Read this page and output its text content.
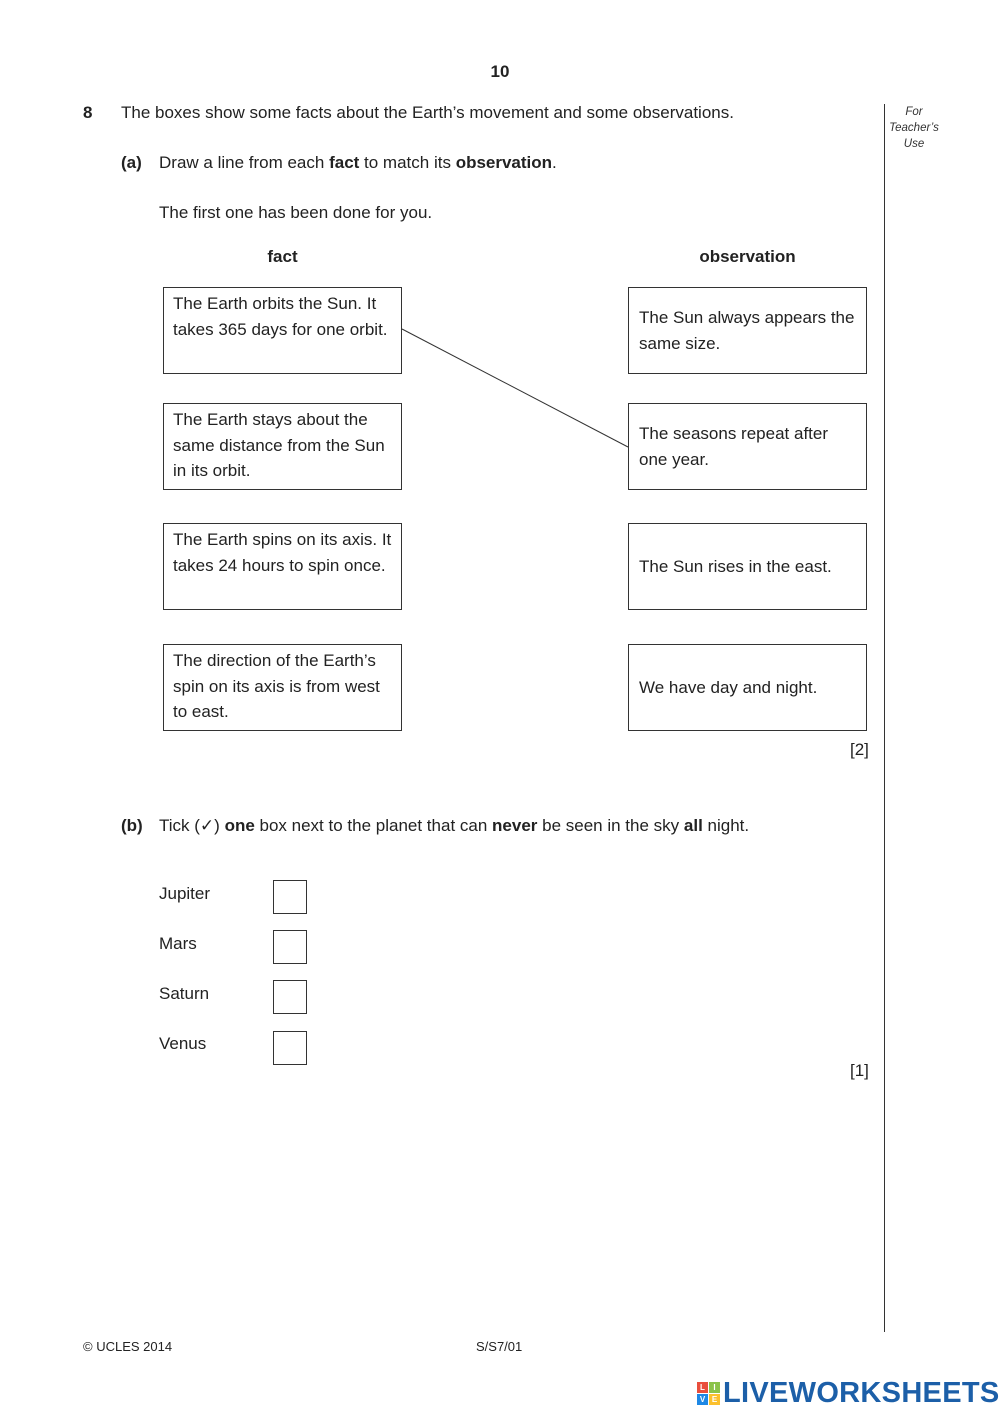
10
For
Teacher’s
Use
8 The boxes show some facts about the Earth’s movement and some observations.
(a) Draw a line from each fact to match its observation.
The first one has been done for you.
fact	observation
The Earth orbits the Sun. It takes 365 days for one orbit.
The Earth stays about the same distance from the Sun in its orbit.
The Earth spins on its axis. It takes 24 hours to spin once.
The direction of the Earth’s spin on its axis is from west to east.
The Sun always appears the same size.
The seasons repeat after one year.
The Sun rises in the east.
We have day and night.
[2]
(b) Tick (✓) one box next to the planet that can never be seen in the sky all night.
Jupiter
Mars
Saturn
Venus
[1]
© UCLES 2014	S/S7/01
L	I
V E LIVEWORKSHEETS
